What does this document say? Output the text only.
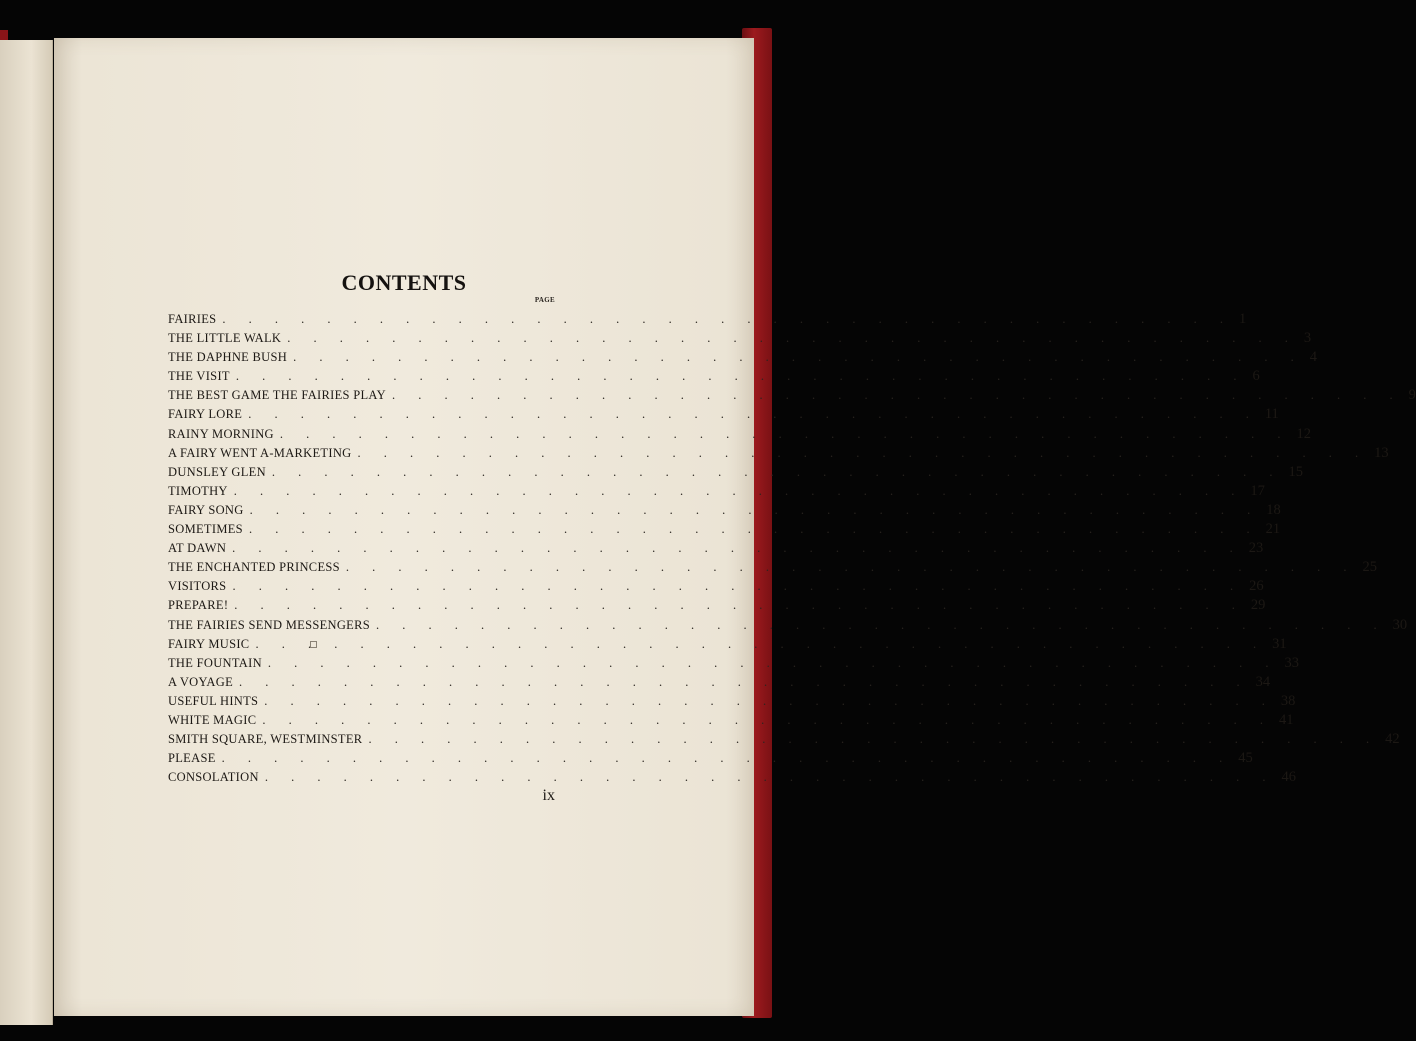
CONTENTS
PAGE
FAIRIES . . . . . . . . . . . . . . . . . . . . . . . . . . . . . . . . . . . . . . . 1
THE LITTLE WALK . . . . . . . . . . . . . . . . . . . . . . . . . . . . . . . . . . . . . . . 3
THE DAPHNE BUSH . . . . . . . . . . . . . . . . . . . . . . . . . . . . . . . . . . . . . . . 4
THE VISIT . . . . . . . . . . . . . . . . . . . . . . . . . . . . . . . . . . . . . . . 6
THE BEST GAME THE FAIRIES PLAY . . . . . . . . . . . . . . . . . . . . . . . . . . . . . . . . . . . . . . . 9
FAIRY LORE . . . . . . . . . . . . . . . . . . . . . . . . . . . . . . . . . . . . . . . 11
RAINY MORNING . . . . . . . . . . . . . . . . . . . . . . . . . . . . . . . . . . . . . . . 12
A FAIRY WENT A-MARKETING . . . . . . . . . . . . . . . . . . . . . . . . . . . . . . . . . . . . . . . 13
DUNSLEY GLEN . . . . . . . . . . . . . . . . . . . . . . . . . . . . . . . . . . . . . . . 15
TIMOTHY . . . . . . . . . . . . . . . . . . . . . . . . . . . . . . . . . . . . . . . 17
FAIRY SONG . . . . . . . . . . . . . . . . . . . . . . . . . . . . . . . . . . . . . . . 18
SOMETIMES . . . . . . . . . . . . . . . . . . . . . . . . . . . . . . . . . . . . . . . 21
AT DAWN . . . . . . . . . . . . . . . . . . . . . . . . . . . . . . . . . . . . . . . 23
THE ENCHANTED PRINCESS . . . . . . . . . . . . . . . . . . . . . . . . . . . . . . . . . . . . . . . 25
VISITORS . . . . . . . . . . . . . . . . . . . . . . . . . . . . . . . . . . . . . . . 26
PREPARE! . . . . . . . . . . . . . . . . . . . . . . . . . . . . . . . . . . . . . . . 29
THE FAIRIES SEND MESSENGERS . . . . . . . . . . . . . . . . . . . . . . . . . . . . . . . . . . . . . . . 30
FAIRY MUSIC . . . . . . . . . . . . . . . . . . . . . . . . . . . . . . . . . . . . . . . 31
THE FOUNTAIN . . . . . . . . . . . . . . . . . . . . . . . . . . . . . . . . . . . . . . . 33
A VOYAGE . . . . . . . . . . . . . . . . . . . . . . . . . . . . . . . . . . . . . . . 34
USEFUL HINTS . . . . . . . . . . . . . . . . . . . . . . . . . . . . . . . . . . . . . . . 38
WHITE MAGIC . . . . . . . . . . . . . . . . . . . . . . . . . . . . . . . . . . . . . . . 41
SMITH SQUARE, WESTMINSTER . . . . . . . . . . . . . . . . . . . . . . . . . . . . . . . . . . . . . . . 42
PLEASE . . . . . . . . . . . . . . . . . . . . . . . . . . . . . . . . . . . . . . . 45
CONSOLATION . . . . . . . . . . . . . . . . . . . . . . . . . . . . . . . . . . . . . . . 46
ix
